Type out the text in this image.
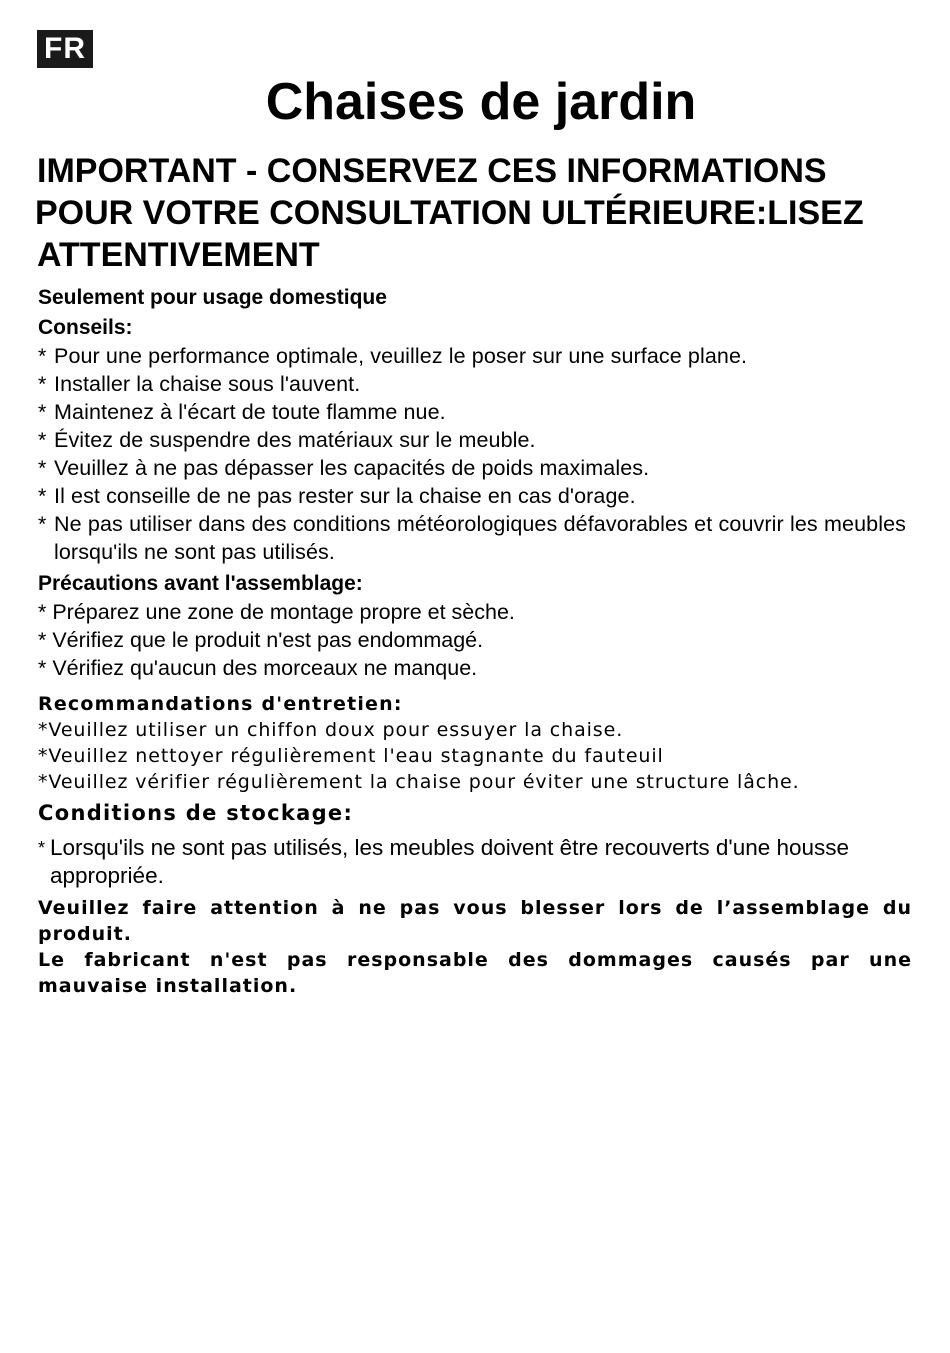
FR
Chaises de jardin
IMPORTANT - CONSERVEZ CES INFORMATIONS
POUR VOTRE CONSULTATION ULTÉRIEURE:LISEZ
ATTENTIVEMENT

Seulement pour usage domestique

Conseils:

* Pour une performance optimale, veuillez le poser sur une surface plane.
* Installer la chaise sous l'auvent.
* Maintenez à l'écart de toute flamme nue.
* Évitez de suspendre des matériaux sur le meuble.
* Veuillez à ne pas dépasser les capacités de poids maximales.
* Il est conseille de ne pas rester sur la chaise en cas d'orage.
* Ne pas utiliser dans des conditions météorologiques défavorables et couvrir les meubles lorsqu'ils ne sont pas utilisés.

Précautions avant l'assemblage:

* Préparez une zone de montage propre et sèche.
* Vérifiez que le produit n'est pas endommagé.
* Vérifiez qu'aucun des morceaux ne manque.

Recommandations d'entretien:

*Veuillez utiliser un chiffon doux pour essuyer la chaise.
*Veuillez nettoyer régulièrement l'eau stagnante du fauteuil
*Veuillez vérifier régulièrement la chaise pour éviter une structure lâche.

Conditions de stockage:

* Lorsqu'ils ne sont pas utilisés, les meubles doivent être recouverts d'une housse appropriée.

Veuillez faire attention à ne pas vous blesser lors de l’assemblage du produit.

Le fabricant n'est pas responsable des dommages causés par une mauvaise installation.
